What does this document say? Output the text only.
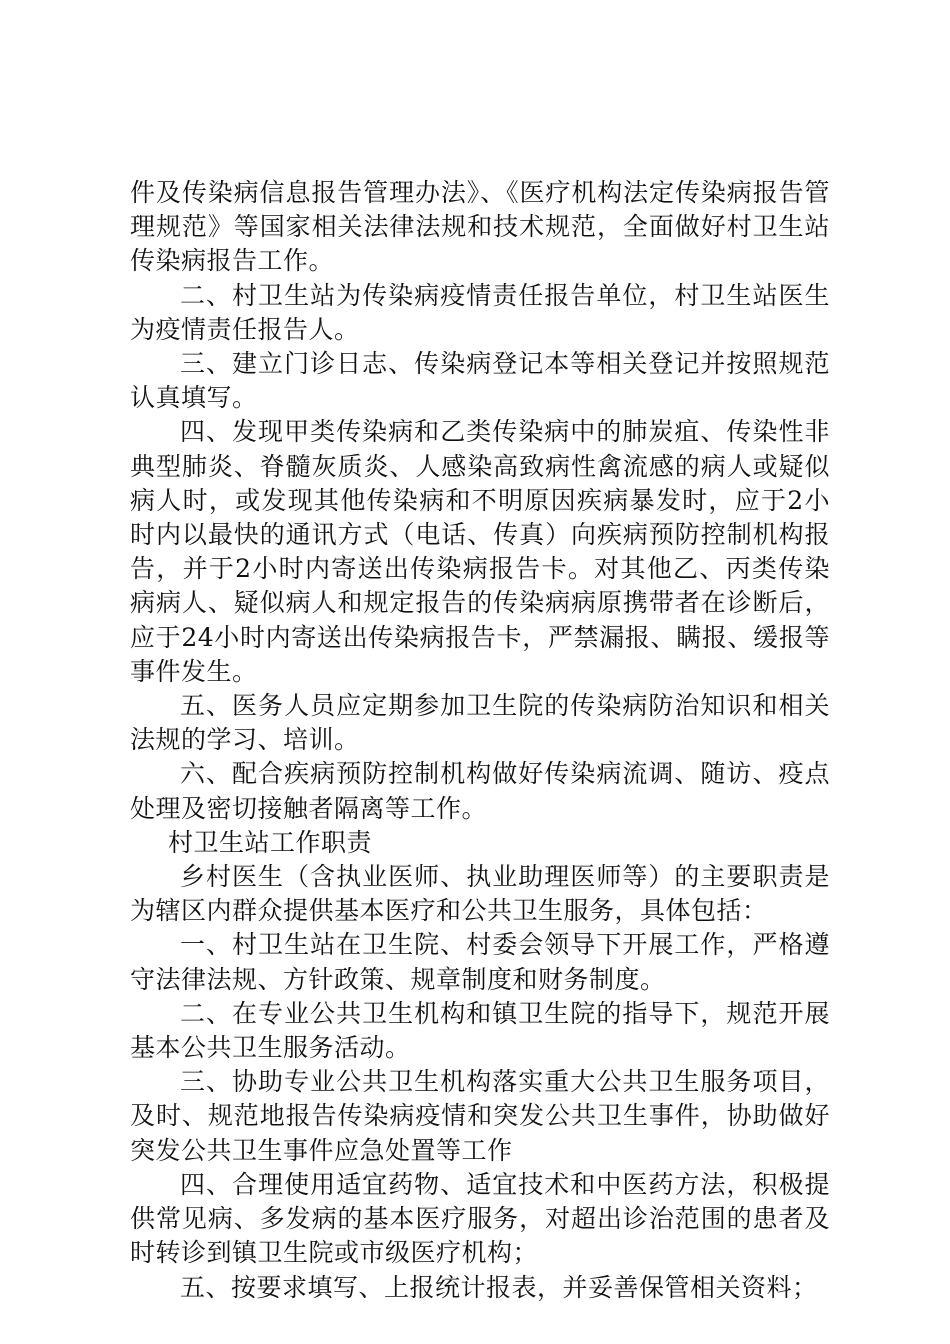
件及传染病信息报告管理办法》、《医疗机构法定传染病报告管理规范》等国家相关法律法规和技术规范，全面做好村卫生站传染病报告工作。

二、村卫生站为传染病疫情责任报告单位，村卫生站医生为疫情责任报告人。

三、建立门诊日志、传染病登记本等相关登记并按照规范认真填写。

四、发现甲类传染病和乙类传染病中的肺炭疽、传染性非典型肺炎、脊髓灰质炎、人感染高致病性禽流感的病人或疑似病人时，或发现其他传染病和不明原因疾病暴发时，应于2小时内以最快的通讯方式（电话、传真）向疾病预防控制机构报告，并于2小时内寄送出传染病报告卡。对其他乙、丙类传染病病人、疑似病人和规定报告的传染病病原携带者在诊断后，应于24小时内寄送出传染病报告卡，严禁漏报、瞒报、缓报等事件发生。

五、医务人员应定期参加卫生院的传染病防治知识和相关法规的学习、培训。

六、配合疾病预防控制机构做好传染病流调、随访、疫点处理及密切接触者隔离等工作。

村卫生站工作职责

乡村医生（含执业医师、执业助理医师等）的主要职责是为辖区内群众提供基本医疗和公共卫生服务，具体包括：

一、村卫生站在卫生院、村委会领导下开展工作，严格遵守法律法规、方针政策、规章制度和财务制度。

二、在专业公共卫生机构和镇卫生院的指导下，规范开展基本公共卫生服务活动。

三、协助专业公共卫生机构落实重大公共卫生服务项目，及时、规范地报告传染病疫情和突发公共卫生事件，协助做好突发公共卫生事件应急处置等工作

四、合理使用适宜药物、适宜技术和中医药方法，积极提供常见病、多发病的基本医疗服务，对超出诊治范围的患者及时转诊到镇卫生院或市级医疗机构；

五、按要求填写、上报统计报表，并妥善保管相关资料；
